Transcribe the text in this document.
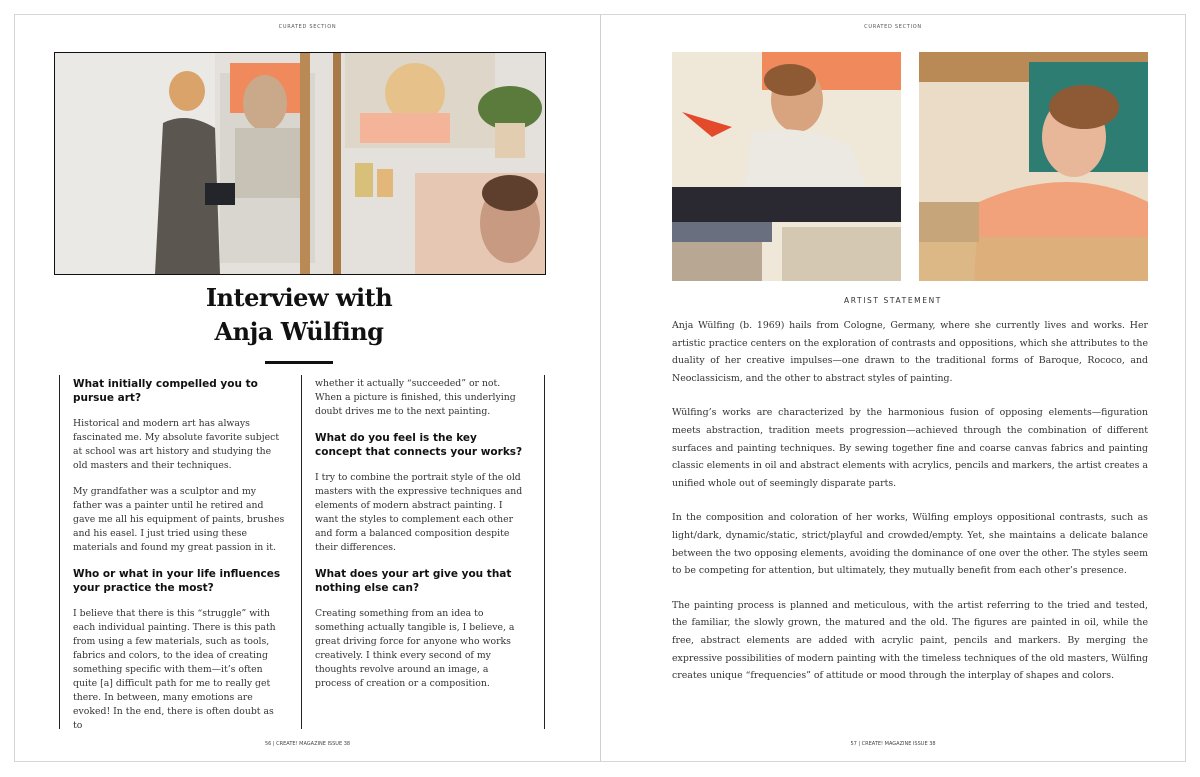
CURATED SECTION
Interview with
Anja Wülfing

What initially compelled you to pursue art?

Historical and modern art has always fascinated me. My absolute favorite subject at school was art history and studying the old masters and their techniques.

My grandfather was a sculptor and my father was a painter until he retired and gave me all his equipment of paints, brushes and his easel. I just tried using these materials and found my great passion in it.

Who or what in your life influences your practice the most?

I believe that there is this “struggle” with each individual painting. There is this path from using a few materials, such as tools, fabrics and colors, to the idea of creating something specific with them—it’s often quite [a] difficult path for me to really get there. In between, many emotions are evoked! In the end, there is often doubt as to

whether it actually “succeeded” or not. When a picture is finished, this underlying doubt drives me to the next painting.

What do you feel is the key concept that connects your works?

I try to combine the portrait style of the old masters with the expressive techniques and elements of modern abstract painting. I want the styles to complement each other and form a balanced composition despite their differences.

What does your art give you that nothing else can?

Creating something from an idea to something actually tangible is, I believe, a great driving force for anyone who works creatively. I think every second of my thoughts revolve around an image, a process of creation or a composition.

56 | CREATE! MAGAZINE ISSUE 38
CURATED SECTION
ARTIST STATEMENT

Anja Wülfing (b. 1969) hails from Cologne, Germany, where she currently lives and works. Her artistic practice centers on the exploration of contrasts and oppositions, which she attributes to the duality of her creative impulses—one drawn to the traditional forms of Baroque, Rococo, and Neoclassicism, and the other to abstract styles of painting.

Wülfing’s works are characterized by the harmonious fusion of opposing elements—figuration meets abstraction, tradition meets progression—achieved through the combination of different surfaces and painting techniques. By sewing together fine and coarse canvas fabrics and painting classic elements in oil and abstract elements with acrylics, pencils and markers, the artist creates a unified whole out of seemingly disparate parts.

In the composition and coloration of her works, Wülfing employs oppositional contrasts, such as light/dark, dynamic/static, strict/playful and crowded/empty. Yet, she maintains a delicate balance between the two opposing elements, avoiding the dominance of one over the other. The styles seem to be competing for attention, but ultimately, they mutually benefit from each other’s presence.

The painting process is planned and meticulous, with the artist referring to the tried and tested, the familiar, the slowly grown, the matured and the old. The figures are painted in oil, while the free, abstract elements are added with acrylic paint, pencils and markers. By merging the expressive possibilities of modern painting with the timeless techniques of the old masters, Wülfing creates unique “frequencies” of attitude or mood through the interplay of shapes and colors.

57 | CREATE! MAGAZINE ISSUE 38
